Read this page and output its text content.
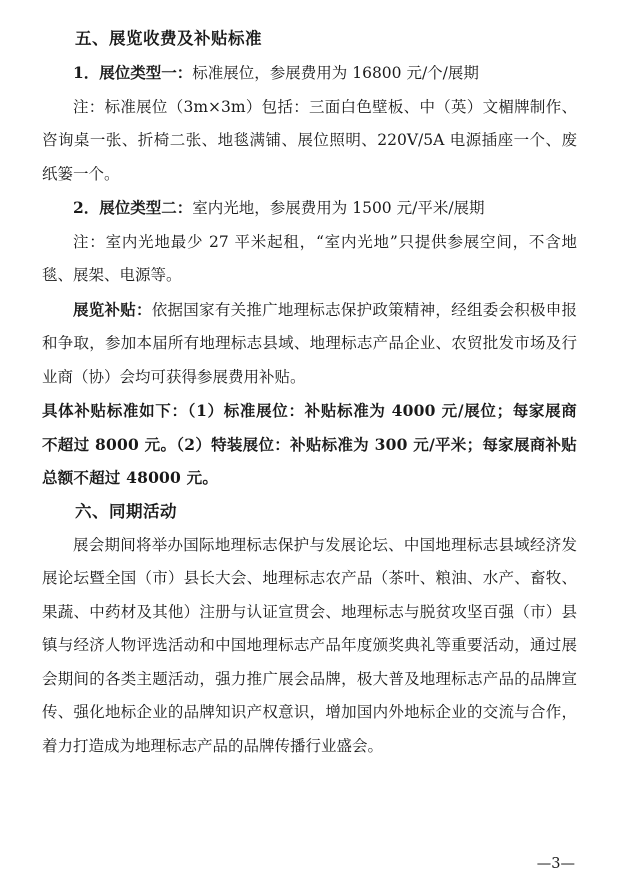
五、展览收费及补贴标准

1．展位类型一：标准展位，参展费用为 16800 元/个/展期

注：标准展位（3m×3m）包括：三面白色壁板、中（英）文楣牌制作、咨询桌一张、折椅二张、地毯满铺、展位照明、220V/5A 电源插座一个、废纸篓一个。

2．展位类型二：室内光地，参展费用为 1500 元/平米/展期

注：室内光地最少 27 平米起租，“室内光地”只提供参展空间，不含地毯、展架、电源等。

展览补贴：依据国家有关推广地理标志保护政策精神，经组委会积极申报和争取，参加本届所有地理标志县域、地理标志产品企业、农贸批发市场及行业商（协）会均可获得参展费用补贴。

具体补贴标准如下：（1）标准展位：补贴标准为 4000 元/展位；每家展商不超过 8000 元。（2）特装展位：补贴标准为 300 元/平米；每家展商补贴总额不超过 48000 元。

六、同期活动

展会期间将举办国际地理标志保护与发展论坛、中国地理标志县域经济发展论坛暨全国（市）县长大会、地理标志农产品（茶叶、粮油、水产、畜牧、果蔬、中药材及其他）注册与认证宣贯会、地理标志与脱贫攻坚百强（市）县镇与经济人物评选活动和中国地理标志产品年度颁奖典礼等重要活动，通过展会期间的各类主题活动，强力推广展会品牌，极大普及地理标志产品的品牌宣传、强化地标企业的品牌知识产权意识，增加国内外地标企业的交流与合作，着力打造成为地理标志产品的品牌传播行业盛会。

—3—
